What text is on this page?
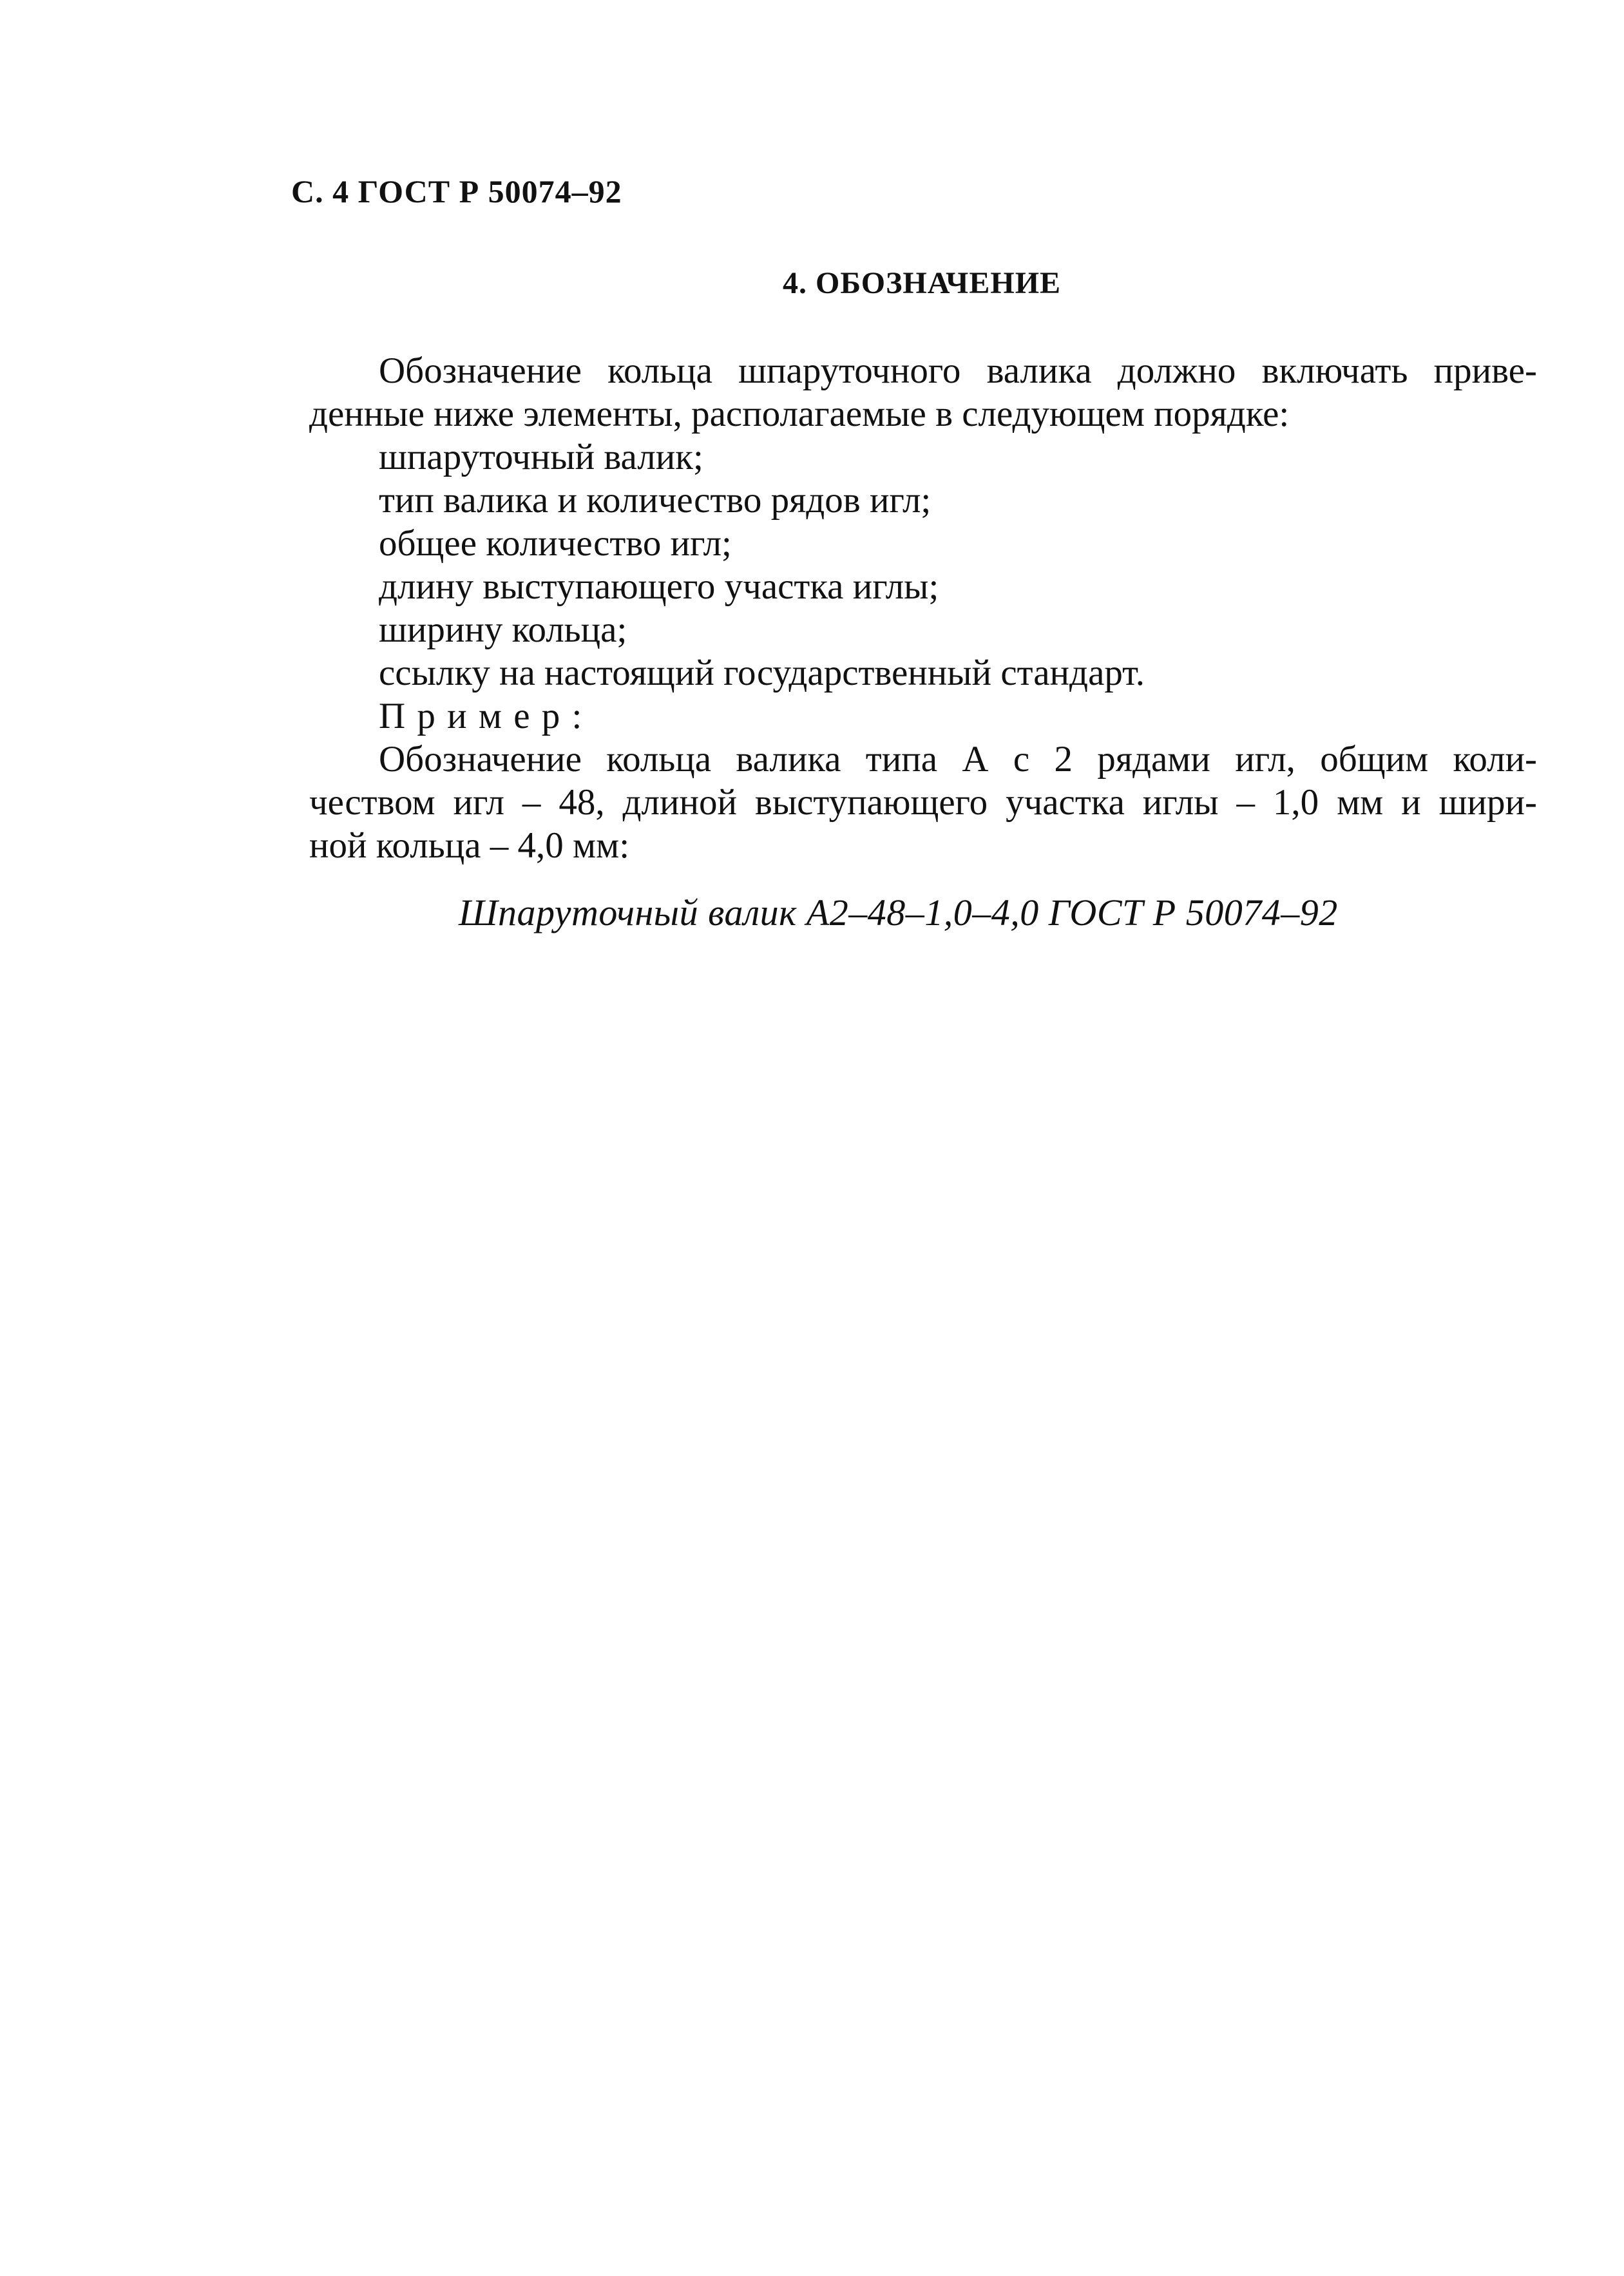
С. 4 ГОСТ Р 50074–92
4. ОБОЗНАЧЕНИЕ
Обозначение кольца шпаруточного валика должно включать приве-
денные ниже элементы, располагаемые в следующем порядке:
шпаруточный валик;
тип валика и количество рядов игл;
общее количество игл;
длину выступающего участка иглы;
ширину кольца;
ссылку на настоящий государственный стандарт.
Пример:
Обозначение кольца валика типа А с 2 рядами игл, общим коли-
чеством игл – 48, длиной выступающего участка иглы – 1,0 мм и шири-
ной кольца – 4,0 мм:
Шпаруточный валик А2–48–1,0–4,0 ГОСТ Р 50074–92
